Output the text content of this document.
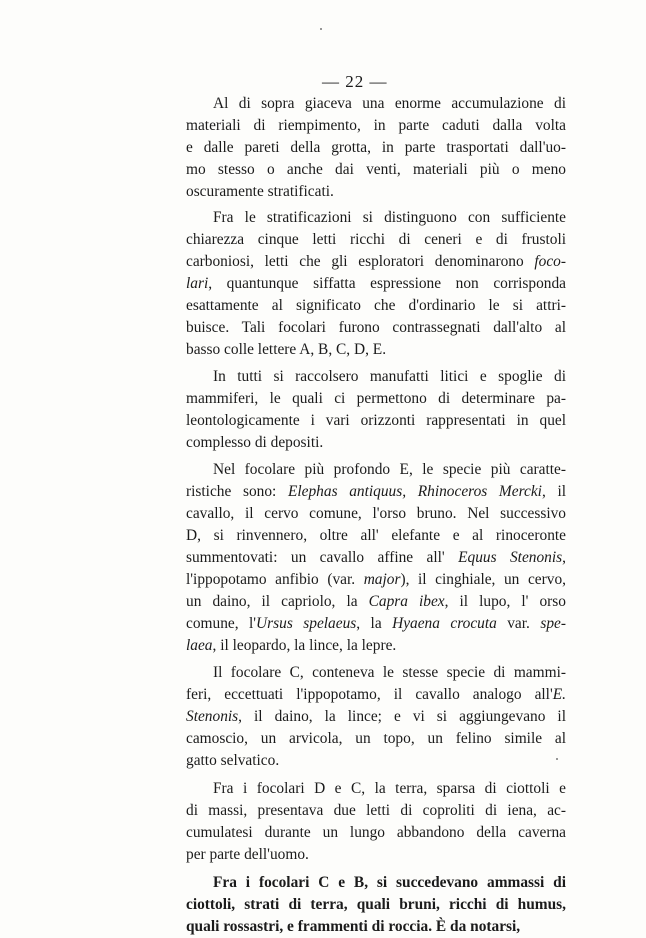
— 22 —
Al di sopra giaceva una enorme accumulazione di
materiali di riempimento, in parte caduti dalla volta
e dalle pareti della grotta, in parte trasportati dall'uo-
mo stesso o anche dai venti, materiali più o meno
oscuramente stratificati.
Fra le stratificazioni si distinguono con sufficiente
chiarezza cinque letti ricchi di ceneri e di frustoli
carboniosi, letti che gli esploratori denominarono foco-
lari, quantunque siffatta espressione non corrisponda
esattamente al significato che d'ordinario le si attri-
buisce. Tali focolari furono contrassegnati dall'alto al
basso colle lettere A, B, C, D, E.
In tutti si raccolsero manufatti litici e spoglie di
mammiferi, le quali ci permettono di determinare pa-
leontologicamente i vari orizzonti rappresentati in quel
complesso di depositi.
Nel focolare più profondo E, le specie più caratte-
ristiche sono: Elephas antiquus, Rhinoceros Mercki, il
cavallo, il cervo comune, l'orso bruno. Nel successivo
D, si rinvennero, oltre all' elefante e al rinoceronte
summentovati: un cavallo affine all' Equus Stenonis,
l'ippopotamo anfibio (var. major), il cinghiale, un cervo,
un daino, il capriolo, la Capra ibex, il lupo, l' orso
comune, l'Ursus spelaeus, la Hyaena crocuta var. spe-
laea, il leopardo, la lince, la lepre.
Il focolare C, conteneva le stesse specie di mammi-
feri, eccettuati l'ippopotamo, il cavallo analogo all'E.
Stenonis, il daino, la lince; e vi si aggiungevano il
camoscio, un arvicola, un topo, un felino simile al
gatto selvatico.
Fra i focolari D e C, la terra, sparsa di ciottoli e
di massi, presentava due letti di coproliti di iena, ac-
cumulatesi durante un lungo abbandono della caverna
per parte dell'uomo.
Fra i focolari C e B, si succedevano ammassi di
ciottoli, strati di terra, quali bruni, ricchi di humus,
quali rossastri, e frammenti di roccia. È da notarsi,
